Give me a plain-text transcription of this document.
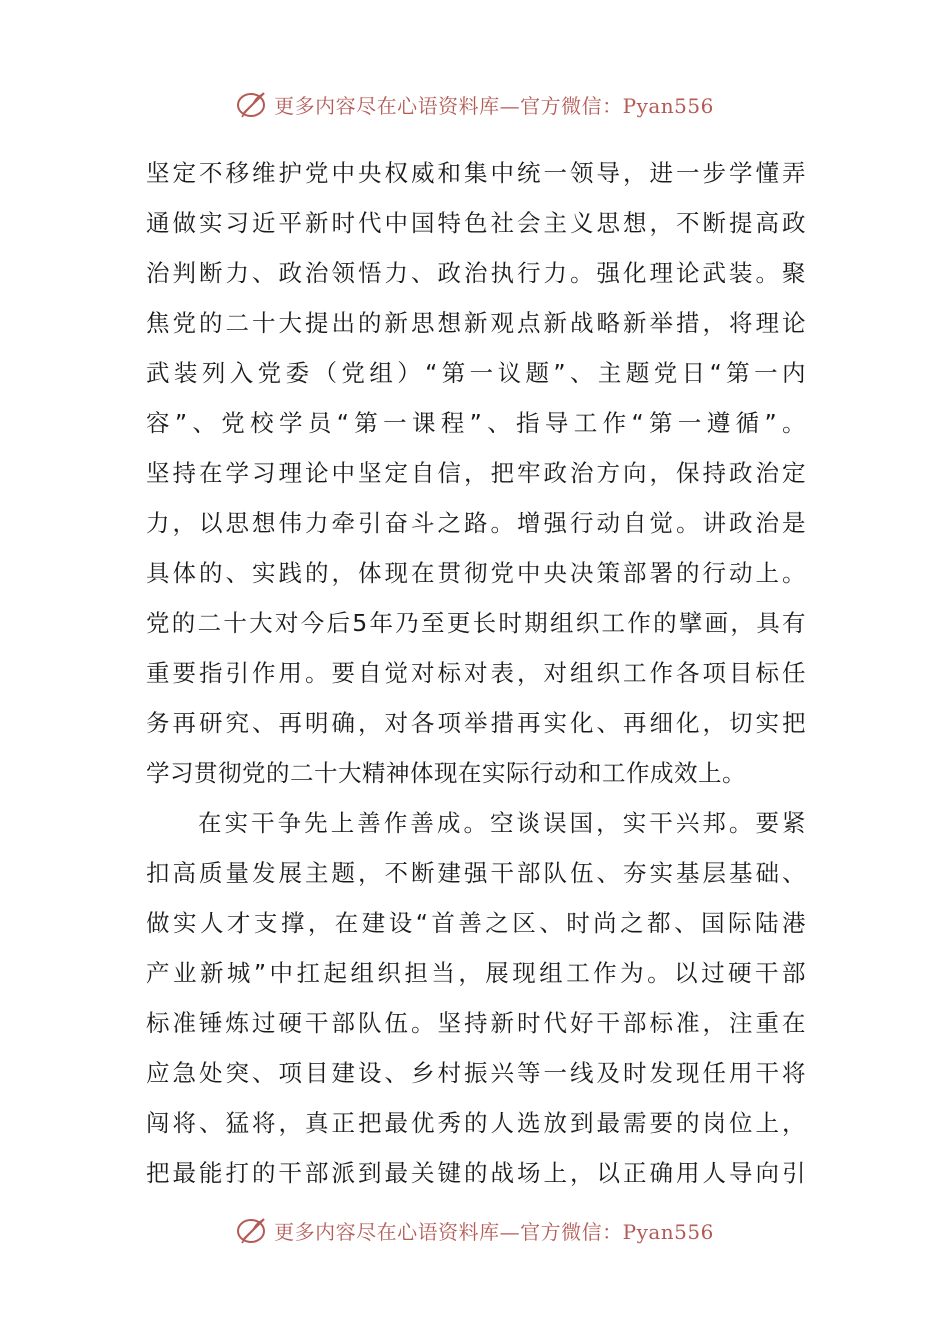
更多内容尽在心语资料库—官方微信：Pyan556
坚定不移维护党中央权威和集中统一领导，进一步学懂弄
通做实习近平新时代中国特色社会主义思想，不断提高政
治判断力、政治领悟力、政治执行力。强化理论武装。聚
焦党的二十大提出的新思想新观点新战略新举措，将理论
武装列入党委（党组）“第一议题”、主题党日“第一内
容”、党校学员“第一课程”、指导工作“第一遵循”。
坚持在学习理论中坚定自信，把牢政治方向，保持政治定
力，以思想伟力牵引奋斗之路。增强行动自觉。讲政治是
具体的、实践的，体现在贯彻党中央决策部署的行动上。
党的二十大对今后5年乃至更长时期组织工作的擘画，具有
重要指引作用。要自觉对标对表，对组织工作各项目标任
务再研究、再明确，对各项举措再实化、再细化，切实把
学习贯彻党的二十大精神体现在实际行动和工作成效上。
在实干争先上善作善成。空谈误国，实干兴邦。要紧
扣高质量发展主题，不断建强干部队伍、夯实基层基础、
做实人才支撑，在建设“首善之区、时尚之都、国际陆港
产业新城”中扛起组织担当，展现组工作为。以过硬干部
标准锤炼过硬干部队伍。坚持新时代好干部标准，注重在
应急处突、项目建设、乡村振兴等一线及时发现任用干将
闯将、猛将，真正把最优秀的人选放到最需要的岗位上，
把最能打的干部派到最关键的战场上，以正确用人导向引
更多内容尽在心语资料库—官方微信：Pyan556
